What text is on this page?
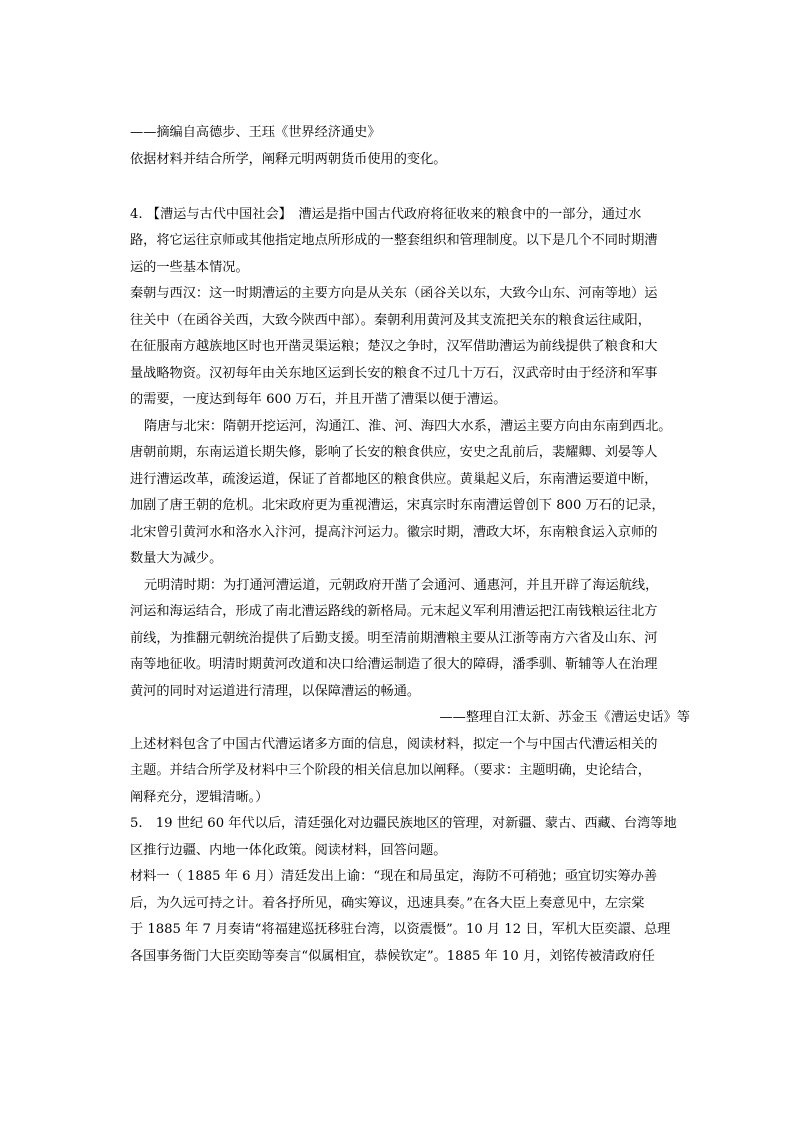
——摘编自高德步、王珏《世界经济通史》
依据材料并结合所学，阐释元明两朝货币使用的变化。
4. 【漕运与古代中国社会】　漕运是指中国古代政府将征收来的粮食中的一部分，通过水
路，将它运往京师或其他指定地点所形成的一整套组织和管理制度。以下是几个不同时期漕
运的一些基本情况。
秦朝与西汉：这一时期漕运的主要方向是从关东（函谷关以东，大致今山东、河南等地）运
往关中（在函谷关西，大致今陕西中部）。秦朝利用黄河及其支流把关东的粮食运往咸阳，
在征服南方越族地区时也开凿灵渠运粮；楚汉之争时，汉军借助漕运为前线提供了粮食和大
量战略物资。汉初每年由关东地区运到长安的粮食不过几十万石，汉武帝时由于经济和军事
的需要，一度达到每年 600 万石，并且开凿了漕渠以便于漕运。
隋唐与北宋：隋朝开挖运河，沟通江、淮、河、海四大水系，漕运主要方向由东南到西北。
唐朝前期，东南运道长期失修，影响了长安的粮食供应，安史之乱前后，裴耀卿、刘晏等人
进行漕运改革，疏浚运道，保证了首都地区的粮食供应。黄巢起义后，东南漕运要道中断，
加剧了唐王朝的危机。北宋政府更为重视漕运，宋真宗时东南漕运曾创下 800 万石的记录，
北宋曾引黄河水和洛水入汴河，提高汴河运力。徽宗时期，漕政大坏，东南粮食运入京师的
数量大为减少。
元明清时期：为打通河漕运道，元朝政府开凿了会通河、通惠河，并且开辟了海运航线，
河运和海运结合，形成了南北漕运路线的新格局。元末起义军利用漕运把江南钱粮运往北方
前线，为推翻元朝统治提供了后勤支援。明至清前期漕粮主要从江浙等南方六省及山东、河
南等地征收。明清时期黄河改道和决口给漕运制造了很大的障碍，潘季驯、靳辅等人在治理
黄河的同时对运道进行清理，以保障漕运的畅通。
——整理自江太新、苏金玉《漕运史话》等
上述材料包含了中国古代漕运诸多方面的信息，阅读材料，拟定一个与中国古代漕运相关的
主题。并结合所学及材料中三个阶段的相关信息加以阐释。（要求：主题明确，史论结合，
阐释充分，逻辑清晰。）
5.　19 世纪 60 年代以后，清廷强化对边疆民族地区的管理，对新疆、蒙古、西藏、台湾等地
区推行边疆、内地一体化政策。阅读材料，回答问题。
材料一（ 1885 年 6 月）清廷发出上谕：“现在和局虽定，海防不可稍弛；亟宜切实筹办善
后，为久远可持之计。着各抒所见，确实筹议，迅速具奏。”在各大臣上奏意见中，左宗棠
于 1885 年 7 月奏请“将福建巡抚移驻台湾，以资震慑”。10 月 12 日，军机大臣奕譞、总理
各国事务衙门大臣奕劻等奏言“似属相宜，恭候钦定”。1885 年 10 月，刘铭传被清政府任
